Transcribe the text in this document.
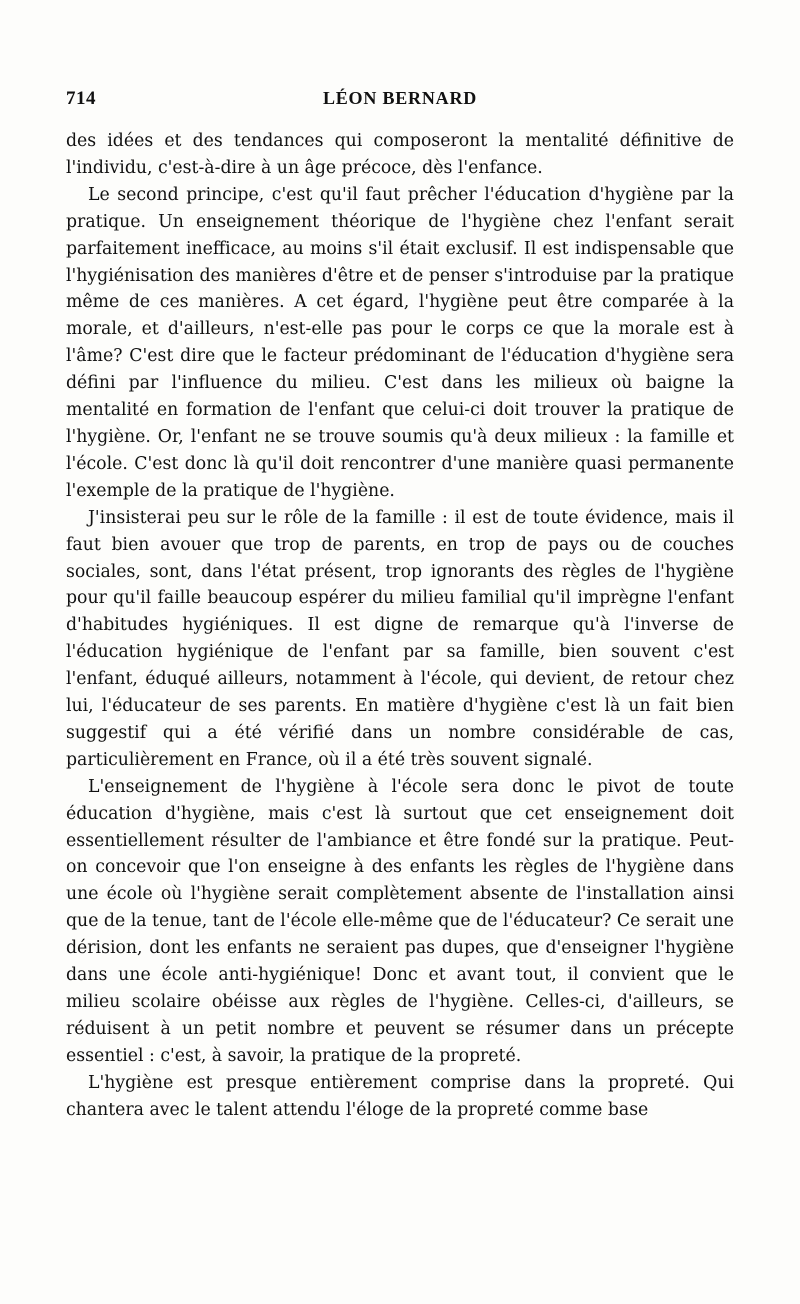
714	LÉON BERNARD

des idées et des tendances qui composeront la mentalité définitive de l'individu, c'est-à-dire à un âge précoce, dès l'enfance.

Le second principe, c'est qu'il faut prêcher l'éducation d'hygiène par la pratique. Un enseignement théorique de l'hygiène chez l'enfant serait parfaitement inefficace, au moins s'il était exclusif. Il est indispensable que l'hygiénisation des manières d'être et de penser s'introduise par la pratique même de ces manières. A cet égard, l'hygiène peut être comparée à la morale, et d'ailleurs, n'est-elle pas pour le corps ce que la morale est à l'âme? C'est dire que le facteur prédominant de l'éducation d'hygiène sera défini par l'influence du milieu. C'est dans les milieux où baigne la mentalité en formation de l'enfant que celui-ci doit trouver la pratique de l'hygiène. Or, l'enfant ne se trouve soumis qu'à deux milieux : la famille et l'école. C'est donc là qu'il doit rencontrer d'une manière quasi permanente l'exemple de la pratique de l'hygiène.

J'insisterai peu sur le rôle de la famille : il est de toute évidence, mais il faut bien avouer que trop de parents, en trop de pays ou de couches sociales, sont, dans l'état présent, trop ignorants des règles de l'hygiène pour qu'il faille beaucoup espérer du milieu familial qu'il imprègne l'enfant d'habitudes hygiéniques. Il est digne de remarque qu'à l'inverse de l'éducation hygiénique de l'enfant par sa famille, bien souvent c'est l'enfant, éduqué ailleurs, notamment à l'école, qui devient, de retour chez lui, l'éducateur de ses parents. En matière d'hygiène c'est là un fait bien suggestif qui a été vérifié dans un nombre considérable de cas, particulièrement en France, où il a été très souvent signalé.

L'enseignement de l'hygiène à l'école sera donc le pivot de toute éducation d'hygiène, mais c'est là surtout que cet enseignement doit essentiellement résulter de l'ambiance et être fondé sur la pratique. Peut-on concevoir que l'on enseigne à des enfants les règles de l'hygiène dans une école où l'hygiène serait complètement absente de l'installation ainsi que de la tenue, tant de l'école elle-même que de l'éducateur? Ce serait une dérision, dont les enfants ne seraient pas dupes, que d'enseigner l'hygiène dans une école anti-hygiénique! Donc et avant tout, il convient que le milieu scolaire obéisse aux règles de l'hygiène. Celles-ci, d'ailleurs, se réduisent à un petit nombre et peuvent se résumer dans un précepte essentiel : c'est, à savoir, la pratique de la propreté.

L'hygiène est presque entièrement comprise dans la propreté. Qui chantera avec le talent attendu l'éloge de la propreté comme base
